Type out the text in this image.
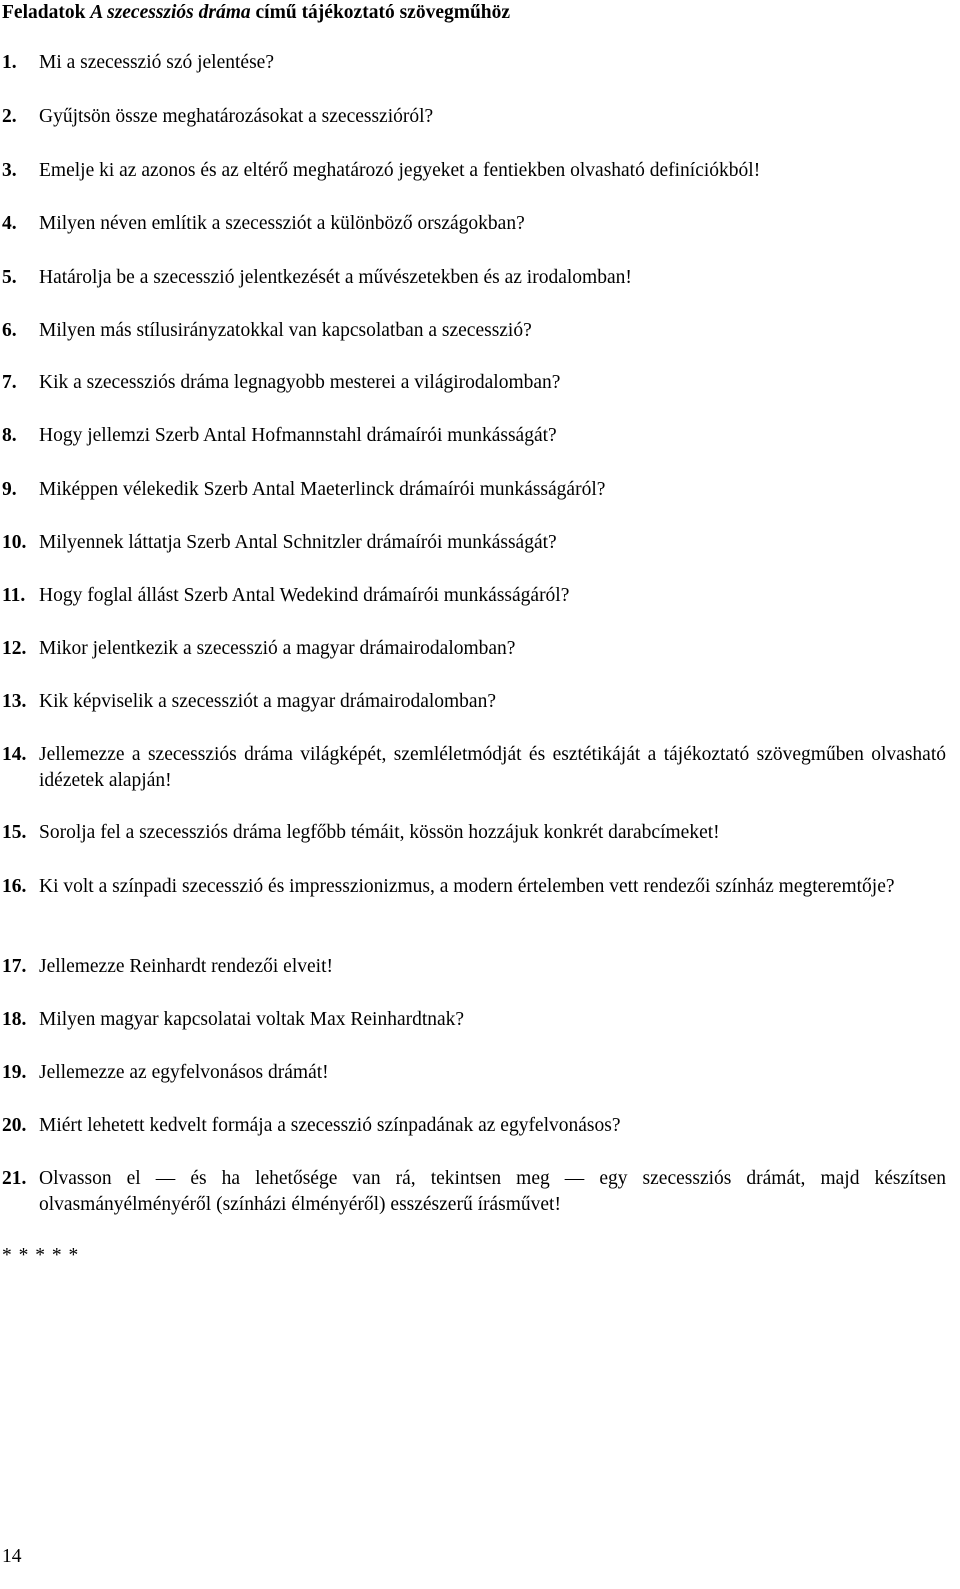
Feladatok A szecessziós dráma című tájékoztató szövegműhöz
1. Mi a szecesszió szó jelentése?
2. Gyűjtsön össze meghatározásokat a szecesszióról?
3. Emelje ki az azonos és az eltérő meghatározó jegyeket a fentiekben olvasható definíciókból!
4. Milyen néven említik a szecessziót a különböző országokban?
5. Határolja be a szecesszió jelentkezését a művészetekben és az irodalomban!
6. Milyen más stílusirányzatokkal van kapcsolatban a szecesszió?
7. Kik a szecessziós dráma legnagyobb mesterei a világirodalomban?
8. Hogy jellemzi Szerb Antal Hofmannstahl drámaírói munkásságát?
9. Miképpen vélekedik Szerb Antal Maeterlinck drámaírói munkásságáról?
10. Milyennek láttatja Szerb Antal Schnitzler drámaírói munkásságát?
11. Hogy foglal állást Szerb Antal Wedekind drámaírói munkásságáról?
12. Mikor jelentkezik a szecesszió a magyar drámairodalomban?
13. Kik képviselik a szecessziót a magyar drámairodalomban?
14. Jellemezze a szecessziós dráma világképét, szemléletmódját és esztétikáját a tájékoztató szövegműben olvasható idézetek alapján!
15. Sorolja fel a szecessziós dráma legfőbb témáit, kössön hozzájuk konkrét darabcímeket!
16. Ki volt a színpadi szecesszió és impresszionizmus, a modern értelemben vett rendezői színház megteremtője?
17. Jellemezze Reinhardt rendezői elveit!
18. Milyen magyar kapcsolatai voltak Max Reinhardtnak?
19. Jellemezze az egyfelvonásos drámát!
20. Miért lehetett kedvelt formája a szecesszió színpadának az egyfelvonásos?
21. Olvasson el — és ha lehetősége van rá, tekintsen meg — egy szecessziós drámát, majd készítsen olvasmányélményéről (színházi élményéről) esszészerű írásművet!
* * * * *
14
